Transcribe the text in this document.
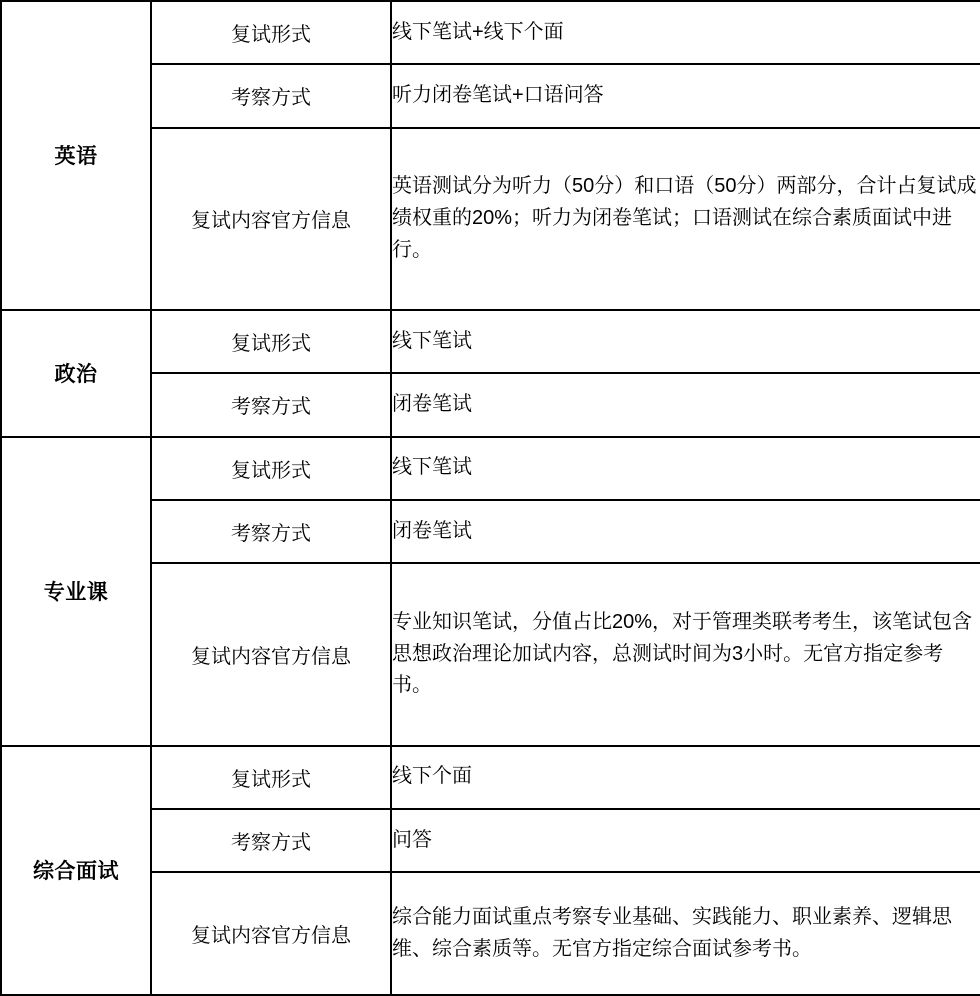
英语	复试形式	线下笔试+线下个面

	考察方式	听力闭卷笔试+口语问答

	复试内容官方信息	英语测试分为听力（50分）和口语（50分）两部分，合计占复试成绩权重的20%；听力为闭卷笔试；口语测试在综合素质面试中进行。

政治	复试形式	线下笔试

	考察方式	闭卷笔试

专业课	复试形式	线下笔试

	考察方式	闭卷笔试

	复试内容官方信息	专业知识笔试，分值占比20%，对于管理类联考考生，该笔试包含思想政治理论加试内容，总测试时间为3小时。无官方指定参考书。

综合面试	复试形式	线下个面

	考察方式	问答

	复试内容官方信息	综合能力面试重点考察专业基础、实践能力、职业素养、逻辑思维、综合素质等。无官方指定综合面试参考书。
